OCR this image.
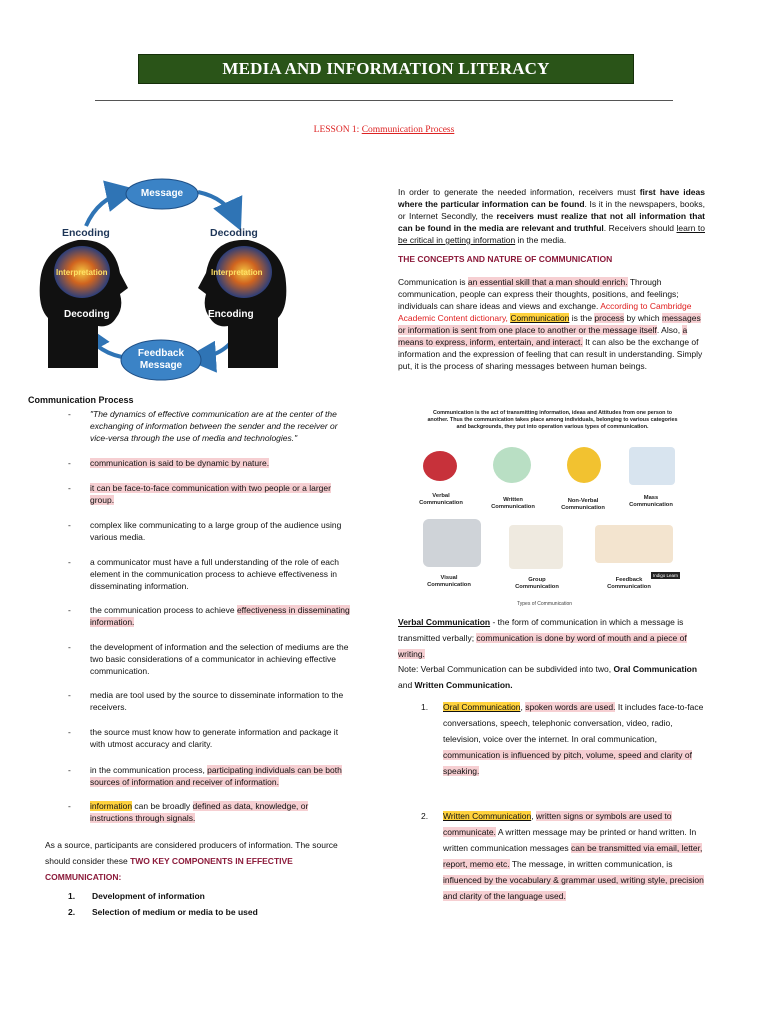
MEDIA AND INFORMATION LITERACY
LESSON 1: Communication Process
Message
Encoding	Decoding
Interpretation	Interpretation
Decoding	Encoding
Feedback
Message
Communication Process
- "The dynamics of effective communication are at the center of the exchanging of information between the sender and the receiver or vice-versa through the use of media and technologies."
- communication is said to be dynamic by nature.
- it can be face-to-face communication with two people or a larger group.
- complex like communicating to a large group of the audience using various media.
- a communicator must have a full understanding of the role of each element in the communication process to achieve effectiveness in disseminating information.
- the communication process to achieve effectiveness in disseminating information.
- the development of information and the selection of mediums are the two basic considerations of a communicator in achieving effective communication.
- media are tool used by the source to disseminate information to the receivers.
- the source must know how to generate information and package it with utmost accuracy and clarity.
- in the communication process, participating individuals can be both sources of information and receiver of information.
- information can be broadly defined as data, knowledge, or instructions through signals.
As a source, participants are considered producers of information. The source should consider these TWO KEY COMPONENTS IN EFFECTIVE COMMUNICATION:
1. Development of information
2. Selection of medium or media to be used
In order to generate the needed information, receivers must first have ideas where the particular information can be found. Is it in the newspapers, books, or Internet Secondly, the receivers must realize that not all information that can be found in the media are relevant and truthful. Receivers should learn to be critical in getting information in the media.
THE CONCEPTS AND NATURE OF COMMUNICATION
Communication is an essential skill that a man should enrich. Through communication, people can express their thoughts, positions, and feelings; individuals can share ideas and views and exchange. According to Cambridge Academic Content dictionary, Communication is the process by which messages or information is sent from one place to another or the message itself. Also, a means to express, inform, entertain, and interact. It can also be the exchange of information and the expression of feeling that can result in understanding. Simply put, it is the process of sharing messages between human beings.
Communication is the act of transmitting information, ideas and Attitudes from one person to another. Thus the communication takes place among individuals, belonging to various categories and backgrounds, they put into operation various types of communication.
Verbal Communication	Written Communication
Non-Verbal Communication
Mass Communication
Visual Communication
Group Communication
Feedback Communication
Indigo Learn
Types of Communication
Verbal Communication - the form of communication in which a message is transmitted verbally; communication is done by word of mouth and a piece of writing.
Note: Verbal Communication can be subdivided into two, Oral Communication and Written Communication.
1. Oral Communication, spoken words are used. It includes face-to-face conversations, speech, telephonic conversation, video, radio, television, voice over the internet. In oral communication, communication is influenced by pitch, volume, speed and clarity of speaking.
2. Written Communication, written signs or symbols are used to communicate. A written message may be printed or hand written. In written communication messages can be transmitted via email, letter, report, memo etc. The message, in written communication, is influenced by the vocabulary & grammar used, writing style, precision and clarity of the language used.
